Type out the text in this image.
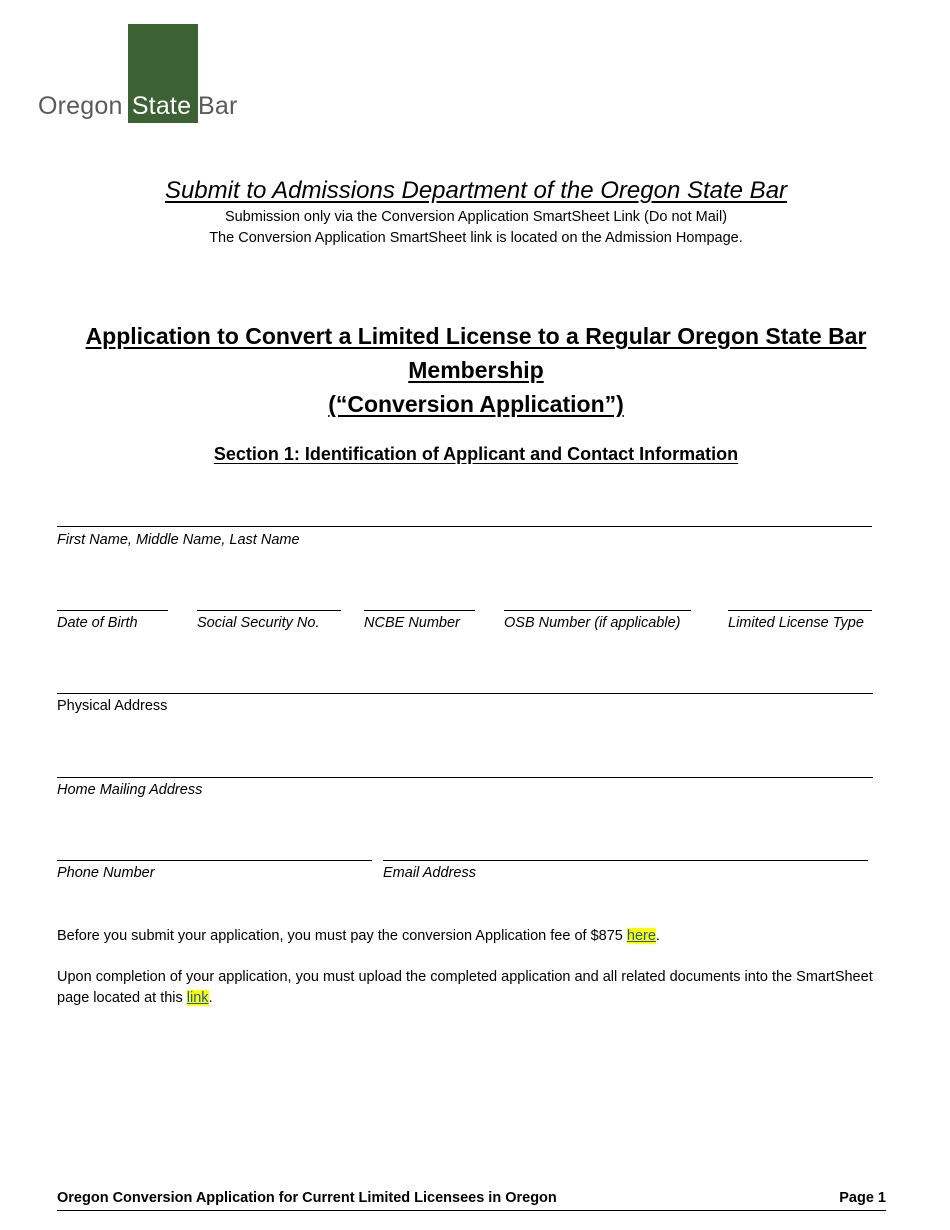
Oregon State Bar
Submit to Admissions Department of the Oregon State Bar
Submission only via the Conversion Application SmartSheet Link (Do not Mail)
The Conversion Application SmartSheet link is located on the Admission Hompage.
Application to Convert a Limited License to a Regular Oregon State Bar
Membership
(“Conversion Application”)
Section 1: Identification of Applicant and Contact Information
First Name, Middle Name, Last Name
Date of Birth	Social Security No.	NCBE Number	OSB Number (if applicable)	Limited License Type
Physical Address
Home Mailing Address
Phone Number	Email Address
Before you submit your application, you must pay the conversion Application fee of $875 here.
Upon completion of your application, you must upload the completed application and all related documents into the SmartSheet page located at this link.
Oregon Conversion Application for Current Limited Licensees in Oregon	Page 1
